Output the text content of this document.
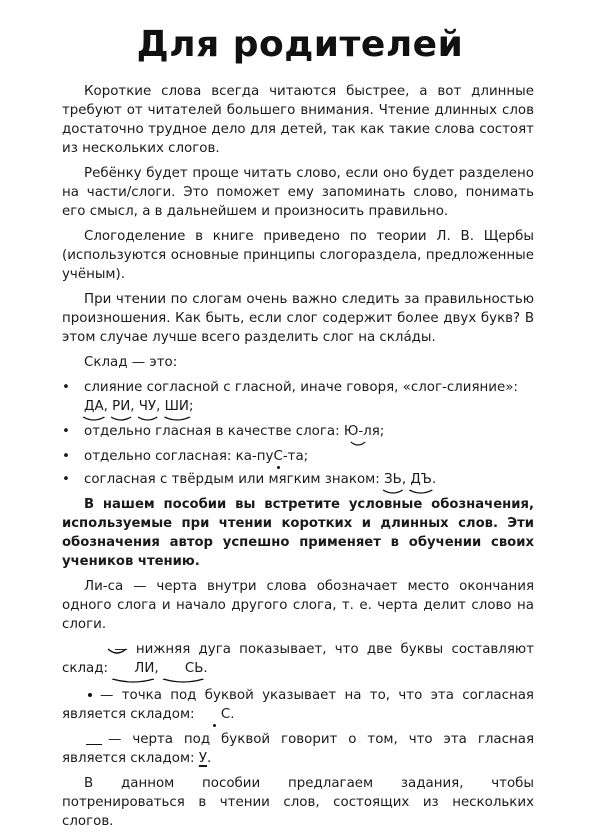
Для родителей

Короткие слова всегда читаются быстрее, а вот длинные требуют от читателей большего внимания. Чтение длинных слов достаточно трудное дело для детей, так как такие слова состоят из нескольких слогов.

Ребёнку будет проще читать слово, если оно будет разделено на части/слоги. Это поможет ему запоминать слово, понимать его смысл, а в дальнейшем и произносить правильно.

Слогоделение в книге приведено по теории Л. В. Щербы (используются основные принципы слогораздела, предложенные учёным).

При чтении по слогам очень важно следить за правильностью произношения. Как быть, если слог содержит более двух букв? В этом случае лучше всего разделить слог на склады.

Склад — это:

• слияние согласной с гласной, иначе говоря, «слог-слияние»: ДА
, РИ
, ЧУ
, ШИ
;
• отдельно гласная в качестве слога: Ю-ля;
• отдельно согласная: ка-пуС-та;
• согласная с твёрдым или мягким знаком: ЗЬ
, ДЪ
.

В нашем пособии вы встретите условные обозначения, используемые при чтении коротких и длинных слов. Эти обозначения автор успешно применяет в обучении своих учеников чтению.

Ли-са — черта внутри слова обозначает место окончания одного слога и начало другого слога, т. е. черта делит слово на слоги.

— нижняя дуга показывает, что две буквы составляют склад: ЛИ
, СЬ
.

— точка под буквой указывает на то, что эта согласная является складом: С.

— черта под буквой говорит о том, что эта гласная является складом: У.

В данном пособии предлагаем задания, чтобы потренироваться в чтении слов, состоящих из нескольких слогов.
